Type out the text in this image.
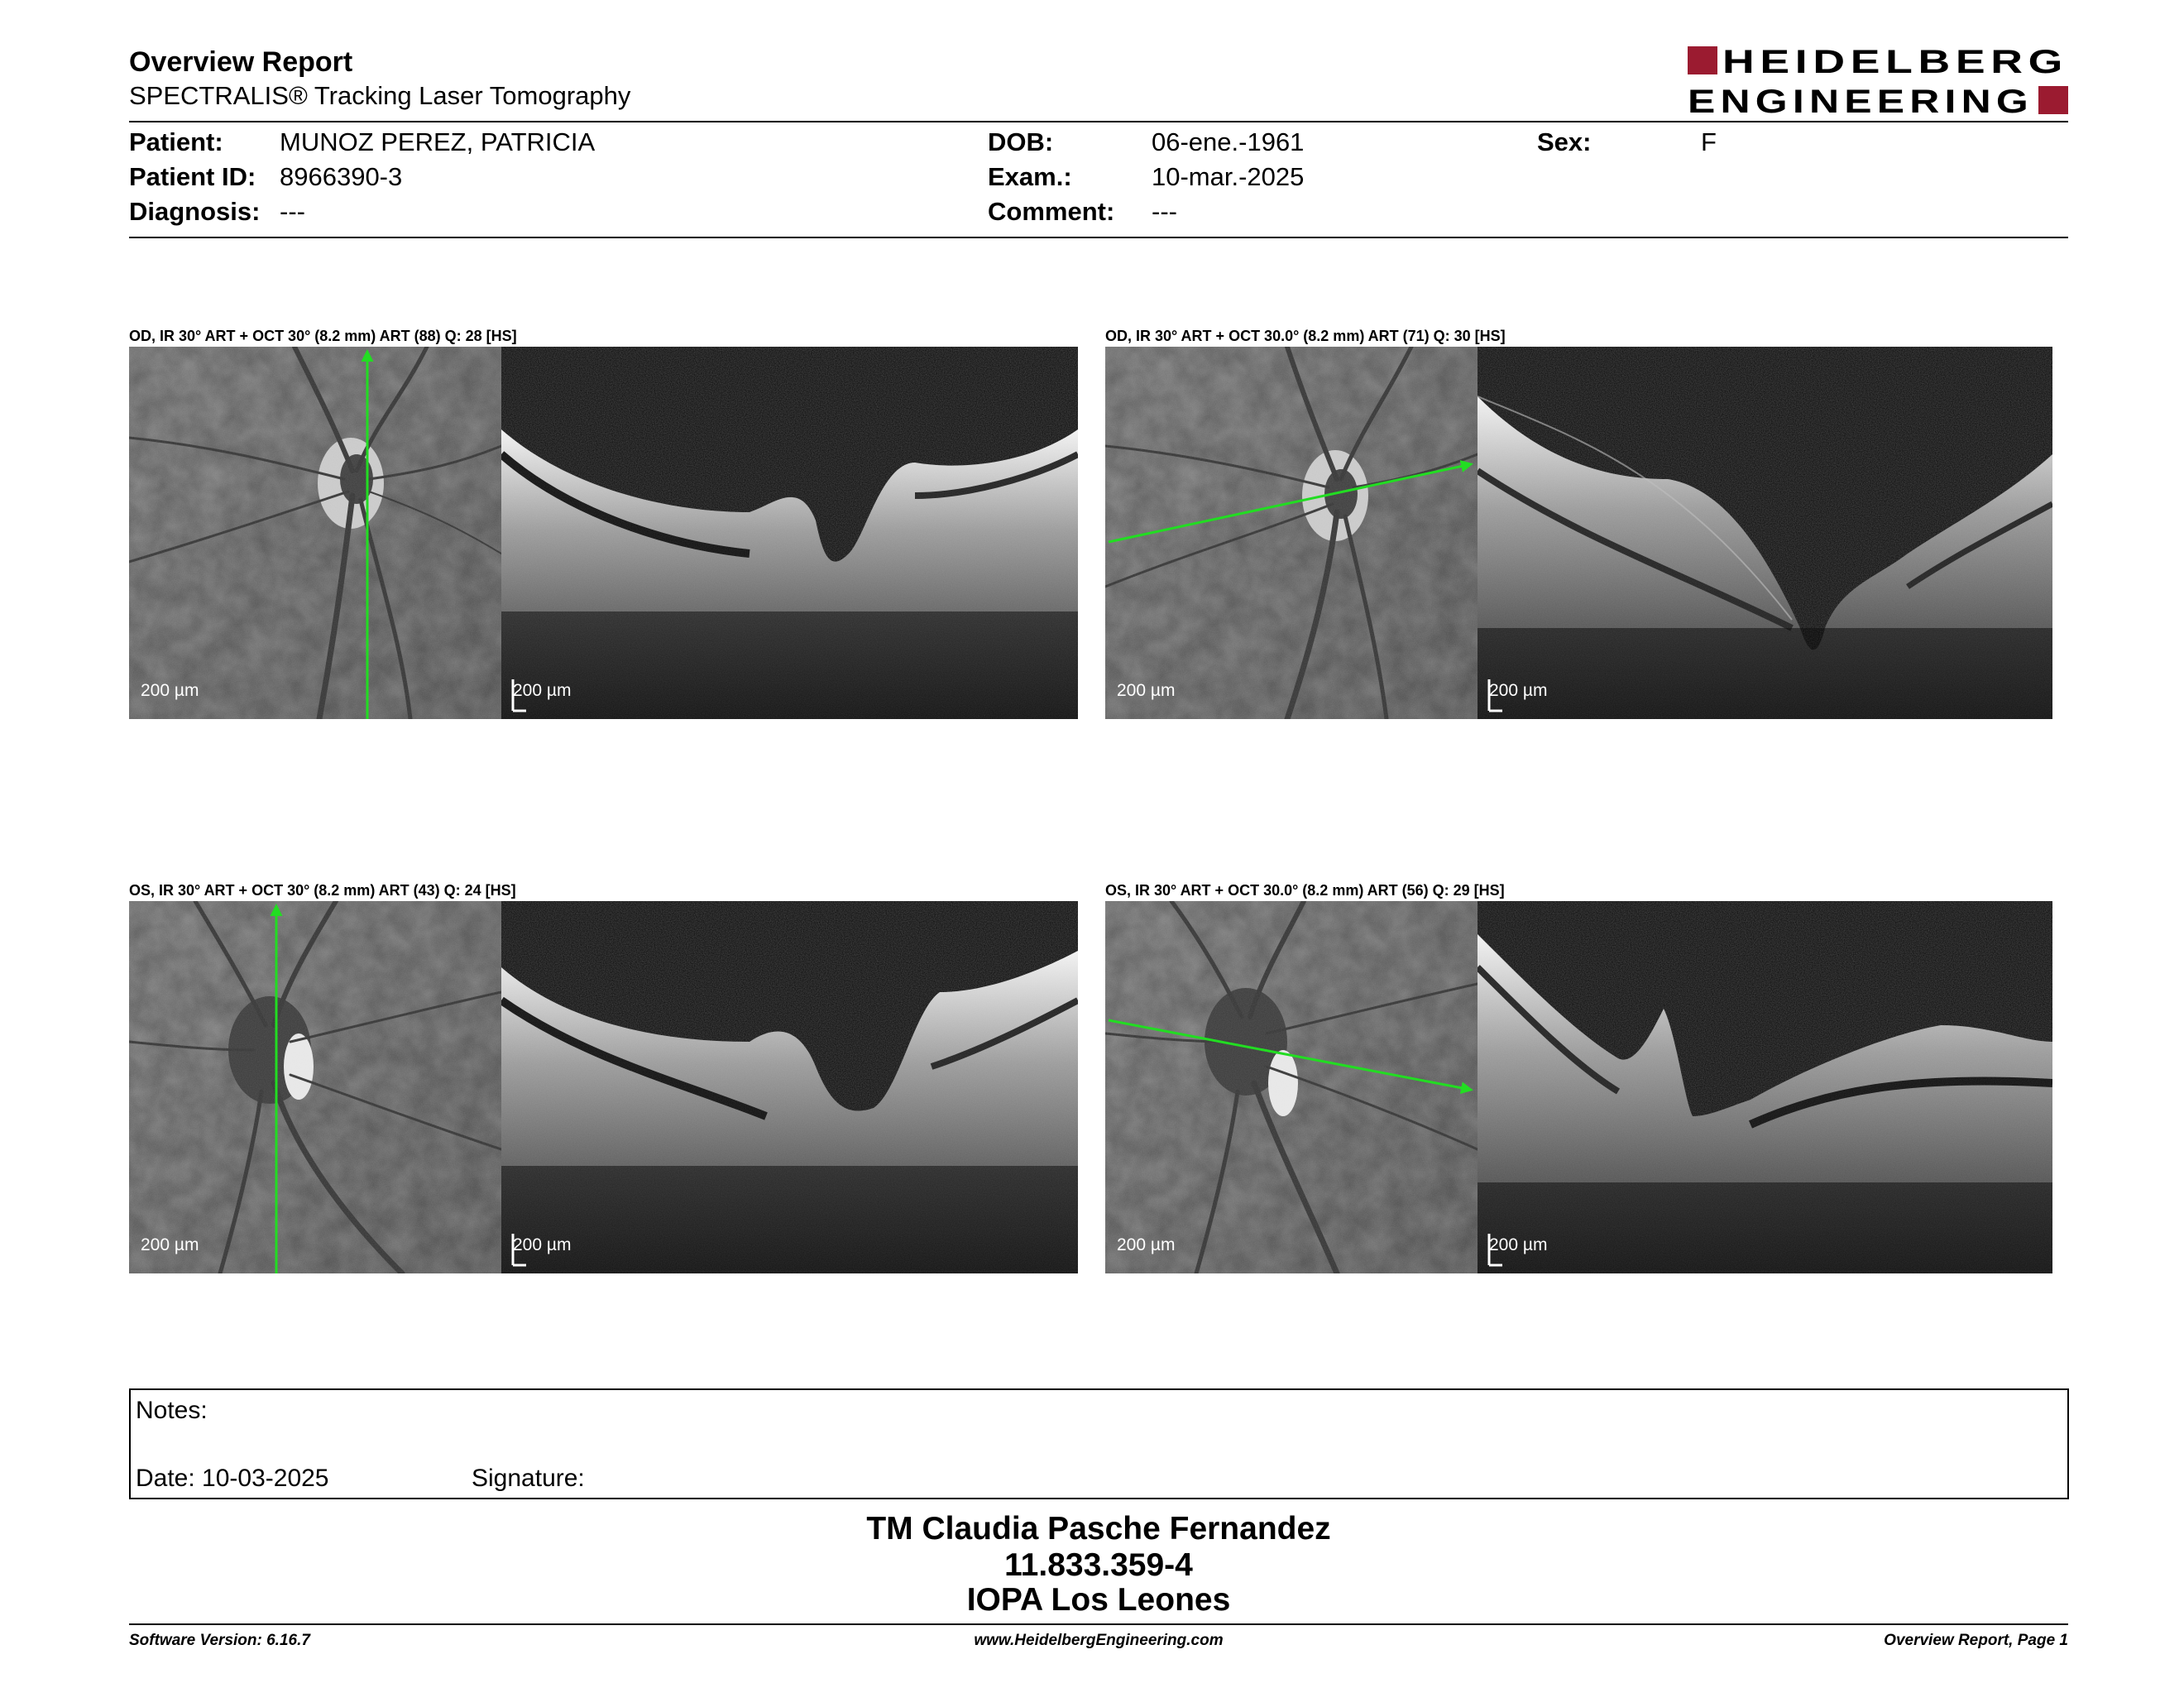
Overview Report
SPECTRALIS® Tracking Laser Tomography
HEIDELBERG
ENGINEERING
Patient: MUNOZ PEREZ, PATRICIA
Patient ID: 8966390-3
Diagnosis: ---
DOB:	06-ene.-1961
Exam.:	10-mar.-2025
Comment: ---
Sex:	F
OD, IR 30° ART + OCT 30° (8.2 mm) ART (88) Q: 28 [HS]
200 µm	200 µm
OD, IR 30° ART + OCT 30.0° (8.2 mm) ART (71) Q: 30 [HS]
200 µm	200 µm
OS, IR 30° ART + OCT 30° (8.2 mm) ART (43) Q: 24 [HS]
200 µm	200 µm
OS, IR 30° ART + OCT 30.0° (8.2 mm) ART (56) Q: 29 [HS]
200 µm	200 µm
Notes:
Date: 10-03-2025	Signature:
TM Claudia Pasche Fernandez
11.833.359-4
IOPA Los Leones
Software Version: 6.16.7	www.HeidelbergEngineering.com	Overview Report, Page 1
